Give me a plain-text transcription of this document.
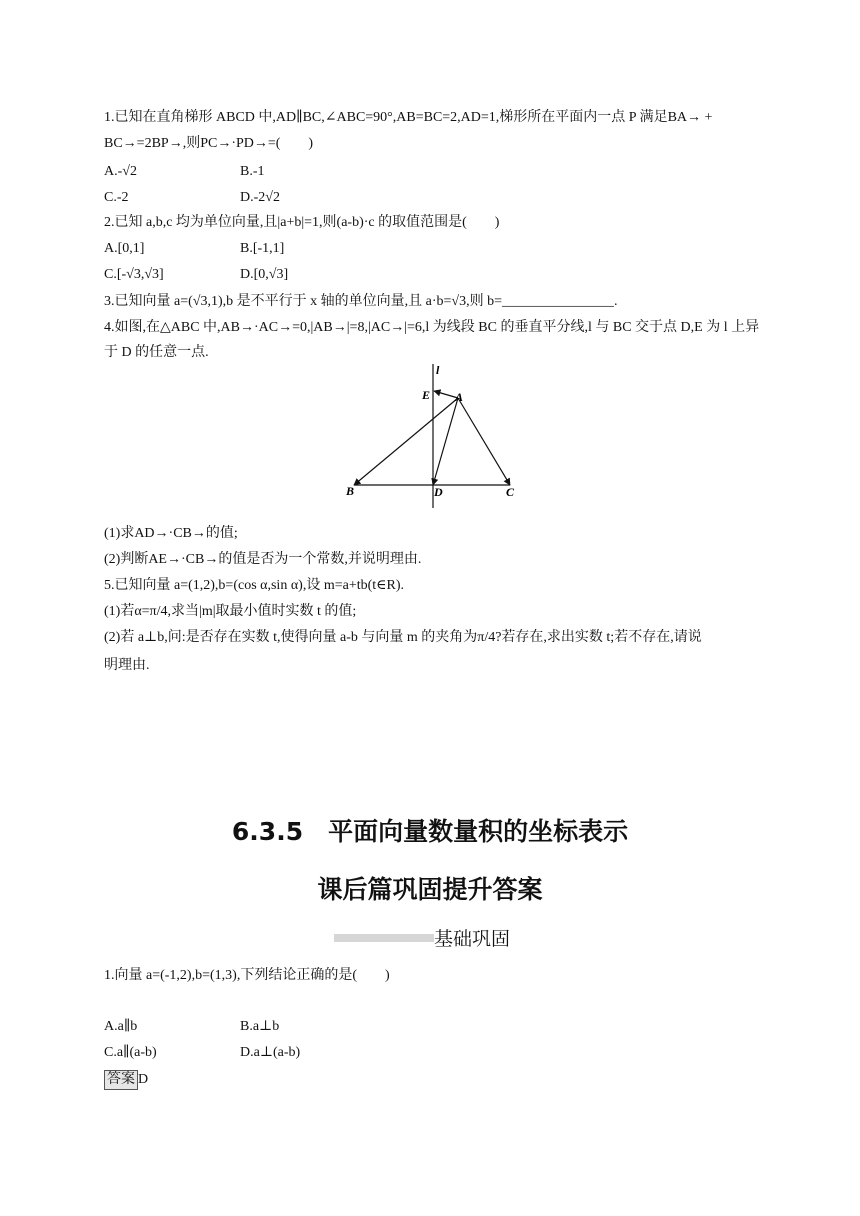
1.已知在直角梯形 ABCD 中,AD∥BC,∠ABC=90°,AB=BC=2,AD=1,梯形所在平面内一点 P 满足BA→ +
BC→=2BP→,则PC→·PD→=(　　)
A.-√2	B.-1
C.-2	D.-2√2
2.已知 a,b,c 均为单位向量,且|a+b|=1,则(a-b)·c 的取值范围是(　　)
A.[0,1]	B.[-1,1]
C.[-√3,√3]	D.[0,√3]
3.已知向量 a=(√3,1),b 是不平行于 x 轴的单位向量,且 a·b=√3,则 b=________________.
4.如图,在△ABC 中,AB→·AC→=0,|AB→|=8,|AC→|=6,l 为线段 BC 的垂直平分线,l 与 BC 交于点 D,E 为 l 上异
于 D 的任意一点.
l
E A
B	D	C
(1)求AD→·CB→的值;
(2)判断AE→·CB→的值是否为一个常数,并说明理由.
5.已知向量 a=(1,2),b=(cos α,sin α),设 m=a+tb(t∈R).
(1)若α=π/4,求当|m|取最小值时实数 t 的值;
(2)若 a⊥b,问:是否存在实数 t,使得向量 a-b 与向量 m 的夹角为π/4?若存在,求出实数 t;若不存在,请说
明理由.
6.3.5　平面向量数量积的坐标表示
课后篇巩固提升答案
基础巩固
1.向量 a=(-1,2),b=(1,3),下列结论正确的是(　　)
A.a∥b	B.a⊥b
C.a∥(a-b)	D.a⊥(a-b)
答案 D
